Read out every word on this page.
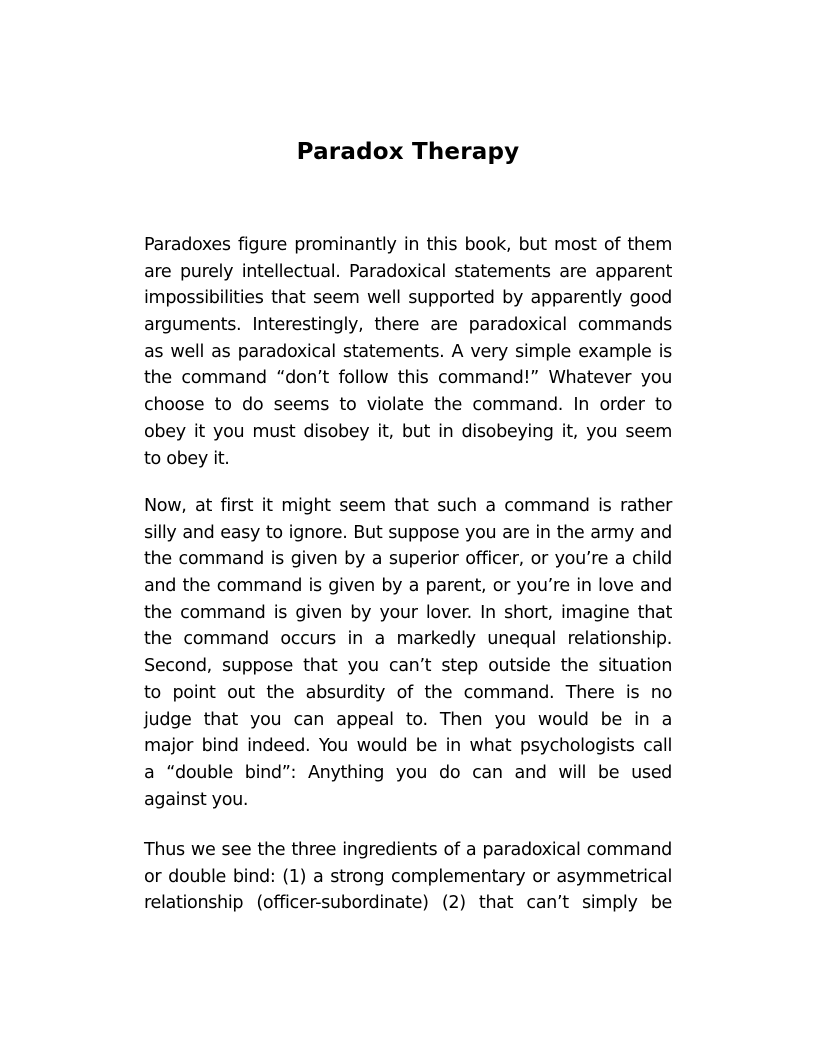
Paradox Therapy
Paradoxes figure prominantly in this book, but most of them
are purely intellectual. Paradoxical statements are apparent
impossibilities that seem well supported by apparently good
arguments. Interestingly, there are paradoxical commands
as well as paradoxical statements. A very simple example is
the command “don’t follow this command!” Whatever you
choose to do seems to violate the command. In order to
obey it you must disobey it, but in disobeying it, you seem
to obey it.
Now, at first it might seem that such a command is rather
silly and easy to ignore. But suppose you are in the army and
the command is given by a superior officer, or you’re a child
and the command is given by a parent, or you’re in love and
the command is given by your lover. In short, imagine that
the command occurs in a markedly unequal relationship.
Second, suppose that you can’t step outside the situation
to point out the absurdity of the command. There is no
judge that you can appeal to. Then you would be in a
major bind indeed. You would be in what psychologists call
a “double bind”: Anything you do can and will be used
against you.
Thus we see the three ingredients of a paradoxical command
or double bind: (1) a strong complementary or asymmetrical
relationship (officer-subordinate) (2) that can’t simply be
